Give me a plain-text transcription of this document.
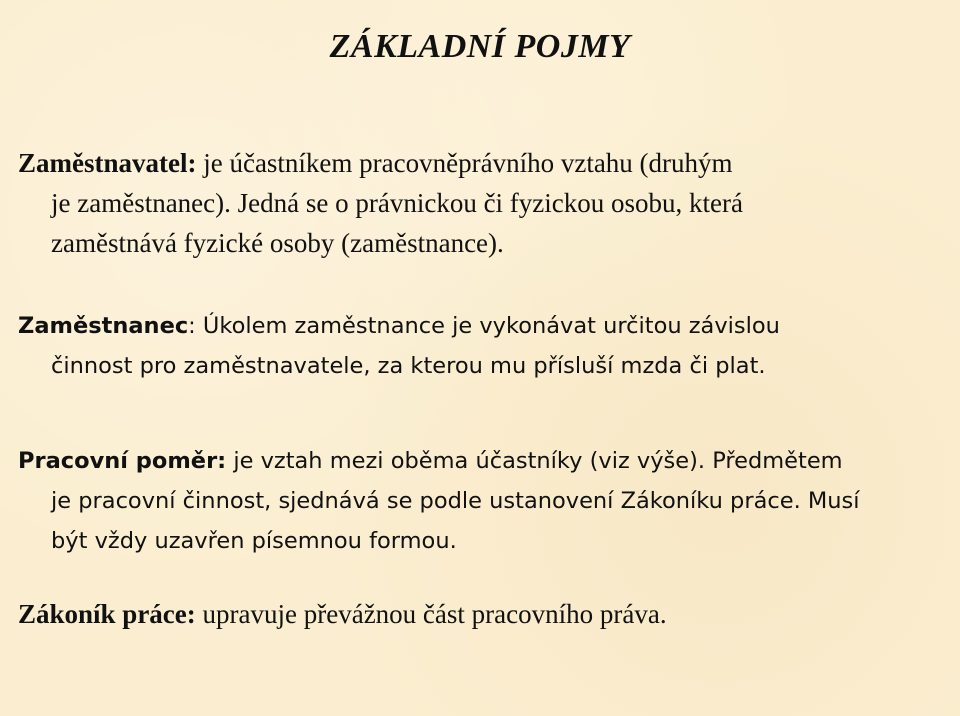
ZÁKLADNÍ POJMY

Zaměstnavatel: je účastníkem pracovněprávního vztahu (druhým
je zaměstnanec). Jedná se o právnickou či fyzickou osobu, která
zaměstnává fyzické osoby (zaměstnance).

Zaměstnanec: Úkolem zaměstnance je vykonávat určitou závislou
činnost pro zaměstnavatele, za kterou mu přísluší mzda či plat.

Pracovní poměr: je vztah mezi oběma účastníky (viz výše). Předmětem
je pracovní činnost, sjednává se podle ustanovení Zákoníku práce. Musí
být vždy uzavřen písemnou formou.

Zákoník práce: upravuje převážnou část pracovního práva.
